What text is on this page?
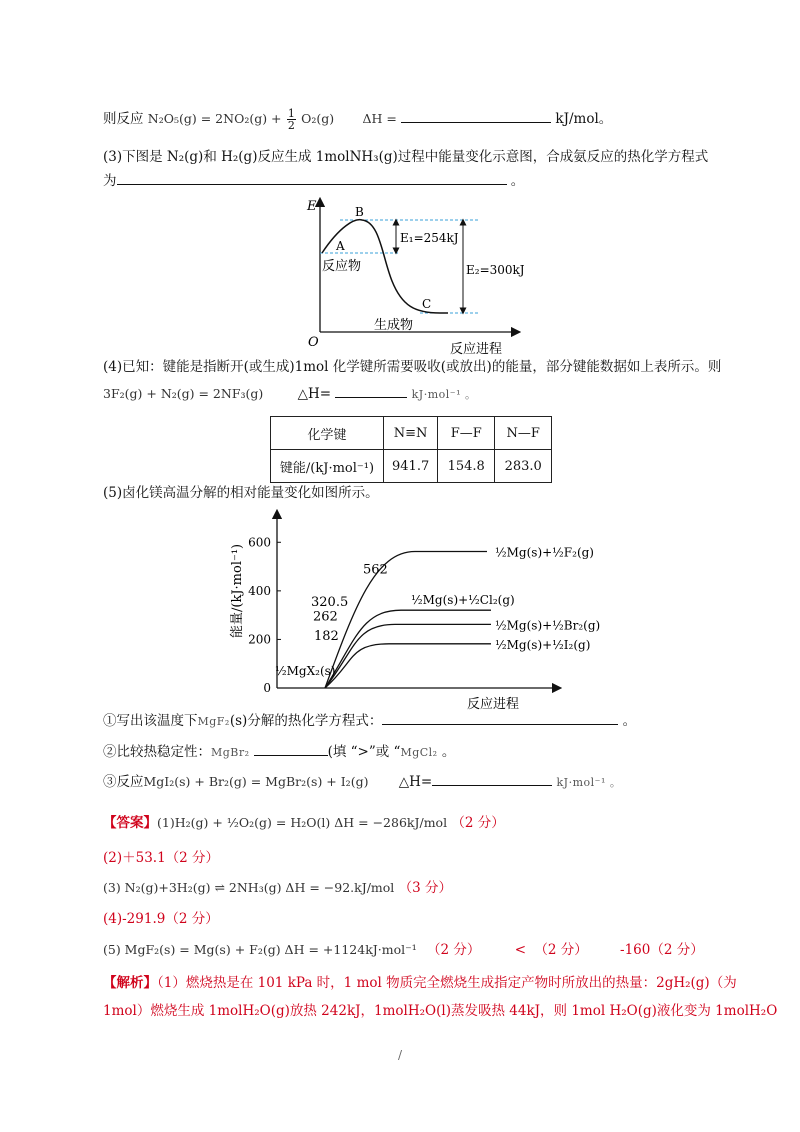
则反应 $N_2O_5(g) = 2NO_2(g) + \frac{1}{2} O_2(g) \Delta H$ =	kJ/mol。
(3)下图是 N₂(g)和 H₂(g)反应生成 1molNH₃(g)过程中能量变化示意图，合成氨反应的热化学方程式
为	。
E
O	反应进程
A
B
C
反应物
生成物
E₁=254kJ
E₂=300kJ
(4)已知：键能是指断开(或生成)1mol 化学键所需要吸收(或放出)的能量，部分键能数据如上表所示。则
3F₂(g) + N₂(g) = 2NF₃(g)	△H=	kJ·mol⁻¹ 。
化学键	N≡N	F—F	N—F
键能/(kJ·mol⁻¹)	941.7	154.8	283.0
(5)卤化镁高温分解的相对能量变化如图所示。
能量/(kJ·mol⁻¹)
反应进程
0
200
400
600
562
½Mg(s)+½F₂(g)
320.5	½Mg(s)+½Cl₂(g)
262
½Mg(s)+½Br₂(g)
182
½Mg(s)+½I₂(g)
½MgX₂(s)
①写出该温度下MgF₂(s)分解的热化学方程式：	。
②比较热稳定性：MgBr₂	(填 “>”或 “MgCl₂ 。
③反应MgI₂(s) + Br₂(g) = MgBr₂(s) + I₂(g) △H=	kJ·mol⁻¹ 。
【答案】(1)H₂(g) + ½O₂(g) = H₂O(l) ΔH = −286kJ/mol （2 分）
(2)＋53.1（2 分）
(3) N₂(g)+3H₂(g) ⇌ 2NH₃(g) ΔH = −92.kJ/mol （3 分）
(4)-291.9（2 分）
(5) MgF₂(s) = Mg(s) + F₂(g) ΔH = +1124kJ·mol⁻¹ （2 分）	< （2 分） -160（2 分）
【解析】（1）燃烧热是在 101 kPa 时，1 mol 物质完全燃烧生成指定产物时所放出的热量：2gH₂(g)（为
1mol）燃烧生成 1molH₂O(g)放热 242kJ，1molH₂O(l)蒸发吸热 44kJ，则 1mol H₂O(g)液化变为 1molH₂O
/
